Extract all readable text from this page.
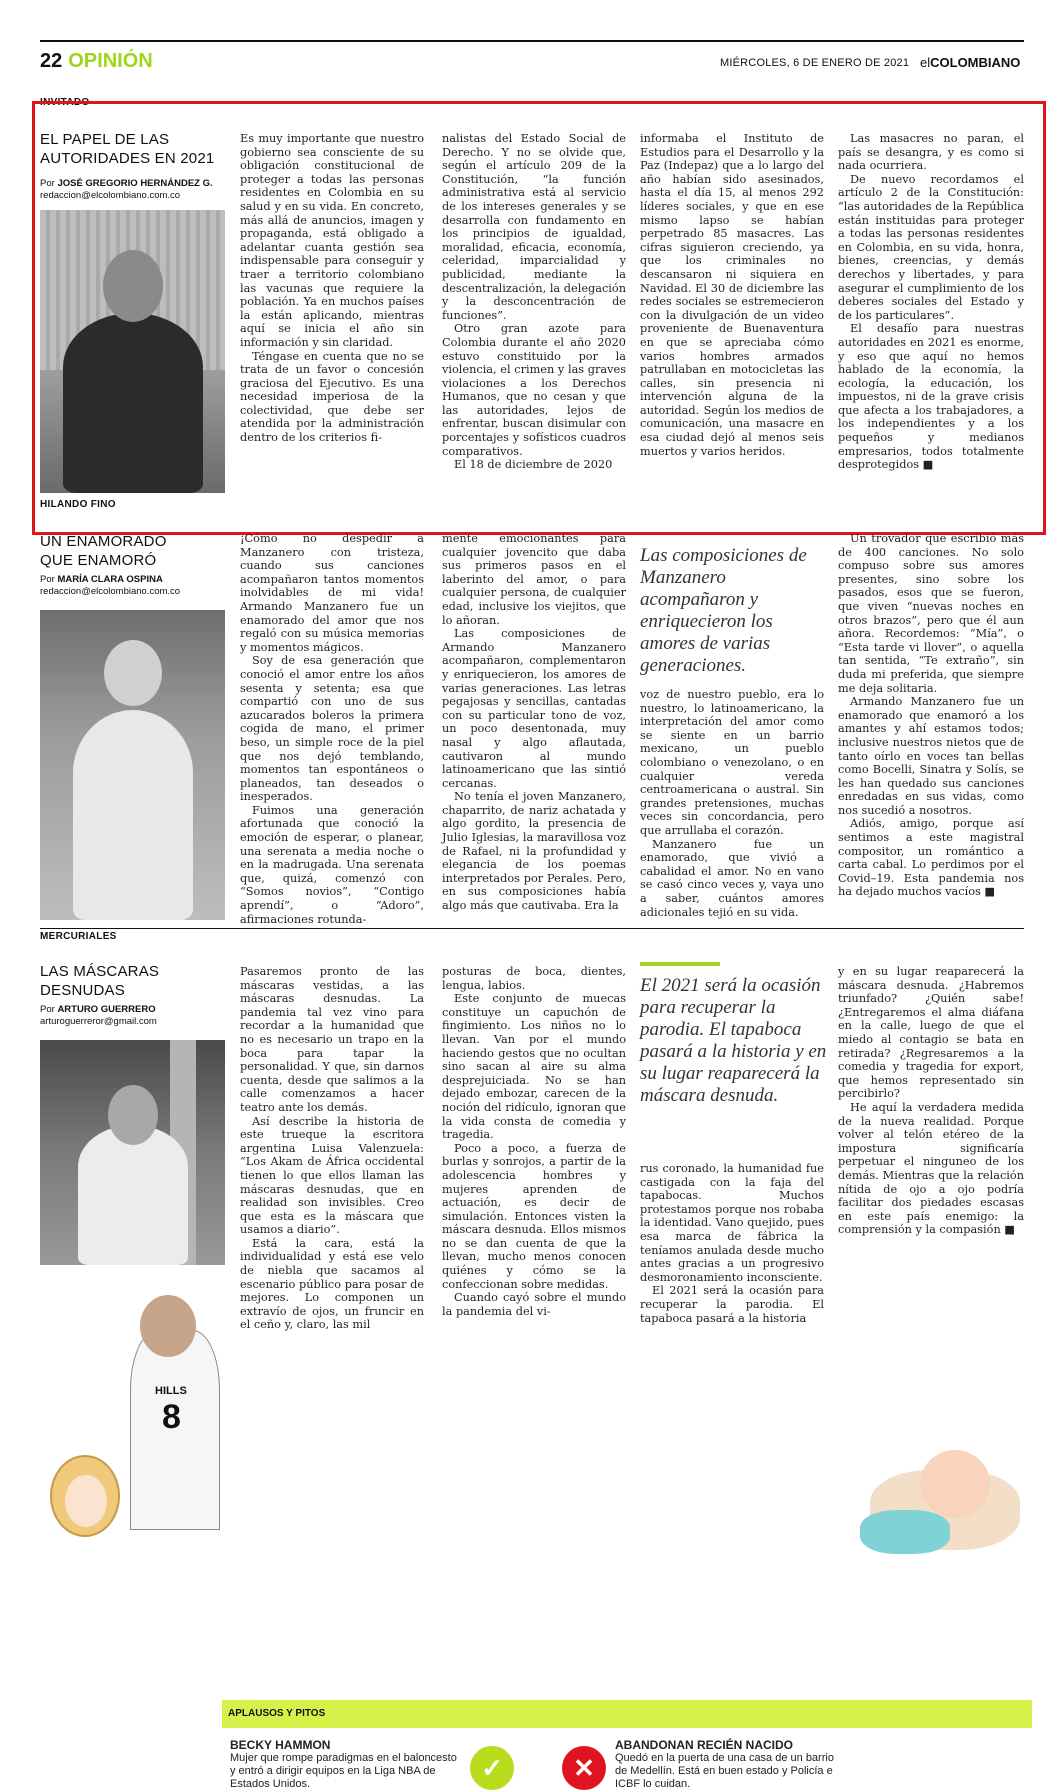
22 OPINIÓN	MIÉRCOLES, 6 DE ENERO DE 2021 elCOLOMBIANO
INVITADO
EL PAPEL DE LAS
AUTORIDADES EN 2021
Por JOSÉ GREGORIO HERNÁNDEZ G.
redaccion@elcolombiano.com.co
HILANDO FINO

Es muy importante que nuestro gobierno sea consciente de su obligación constitucional de proteger a todas las personas residentes en Colombia en su salud y en su vida. En concreto, más allá de anuncios, imagen y propaganda, está obligado a adelantar cuanta gestión sea indispensable para conseguir y traer a territorio colombiano las vacunas que requiere la población. Ya en muchos países la están aplicando, mientras aquí se inicia el año sin información y sin claridad.

Téngase en cuenta que no se trata de un favor o concesión graciosa del Ejecutivo. Es una necesidad imperiosa de la colectividad, que debe ser atendida por la administración dentro de los criterios fi-

nalistas del Estado Social de Derecho. Y no se olvide que, según el artículo 209 de la Constitución, “la función administrativa está al servicio de los intereses generales y se desarrolla con fundamento en los principios de igualdad, moralidad, eficacia, economía, celeridad, imparcialidad y publicidad, mediante la descentralización, la delegación y la desconcentración de funciones”.

Otro gran azote para Colombia durante el año 2020 estuvo constituido por la violencia, el crimen y las graves violaciones a los Derechos Humanos, que no cesan y que las autoridades, lejos de enfrentar, buscan disimular con porcentajes y sofísticos cuadros comparativos.

El 18 de diciembre de 2020

informaba el Instituto de Estudios para el Desarrollo y la Paz (Indepaz) que a lo largo del año habían sido asesinados, hasta el día 15, al menos 292 líderes sociales, y que en ese mismo lapso se habían perpetrado 85 masacres. Las cifras siguieron creciendo, ya que los criminales no descansaron ni siquiera en Navidad. El 30 de diciembre las redes sociales se estremecieron con la divulgación de un video proveniente de Buenaventura en que se apreciaba cómo varios hombres armados patrullaban en motocicletas las calles, sin presencia ni intervención alguna de la autoridad. Según los medios de comunicación, una masacre en esa ciudad dejó al menos seis muertos y varios heridos.

Las masacres no paran, el país se desangra, y es como si nada ocurriera.

De nuevo recordamos el artículo 2 de la Constitución: “las autoridades de la República están instituidas para proteger a todas las personas residentes en Colombia, en su vida, honra, bienes, creencias, y demás derechos y libertades, y para asegurar el cumplimiento de los deberes sociales del Estado y de los particulares”.

El desafío para nuestras autoridades en 2021 es enorme, y eso que aquí no hemos hablado de la economía, la ecología, la educación, los impuestos, ni de la grave crisis que afecta a los trabajadores, a los independientes y a los pequeños y medianos empresarios, todos totalmente desprotegidos ■

UN ENAMORADO
QUE ENAMORÓ
Por MARÍA CLARA OSPINA
redaccion@elcolombiano.com.co

¡Cómo no despedir a Manzanero con tristeza, cuando sus canciones acompañaron tantos momentos inolvidables de mi vida! Armando Manzanero fue un enamorado del amor que nos regaló con su música memorias y momentos mágicos.

Soy de esa generación que conoció el amor entre los años sesenta y setenta; esa que compartió con uno de sus azucarados boleros la primera cogida de mano, el primer beso, un simple roce de la piel que nos dejó temblando, momentos tan espontáneos o planeados, tan deseados o inesperados.

Fuimos una generación afortunada que conoció la emoción de esperar, o planear, una serenata a media noche o en la madrugada. Una serenata que, quizá, comenzó con “Somos novios”, “Contigo aprendí”, o “Adoro”, afirmaciones rotunda-

mente emocionantes para cualquier jovencito que daba sus primeros pasos en el laberinto del amor, o para cualquier persona, de cualquier edad, inclusive los viejitos, que lo añoran.

Las composiciones de Armando Manzanero acompañaron, complementaron y enriquecieron, los amores de varias generaciones. Las letras pegajosas y sencillas, cantadas con su particular tono de voz, un poco desentonada, muy nasal y algo aflautada, cautivaron al mundo latinoamericano que las sintió cercanas.

No tenía el joven Manzanero, chaparrito, de nariz achatada y algo gordito, la presencia de Julio Iglesias, la maravillosa voz de Rafael, ni la profundidad y elegancia de los poemas interpretados por Perales. Pero, en sus composiciones había algo más que cautivaba. Era la

Las composiciones de Manzanero acompañaron y enriquecieron los amores de varias generaciones.

voz de nuestro pueblo, era lo nuestro, lo latinoamericano, la interpretación del amor como se siente en un barrio mexicano, un pueblo colombiano o venezolano, o en cualquier vereda centroamericana o austral. Sin grandes pretensiones, muchas veces sin concordancia, pero que arrullaba el corazón.

Manzanero fue un enamorado, que vivió a cabalidad el amor. No en vano se casó cinco veces y, vaya uno a saber, cuántos amores adicionales tejió en su vida.

Un trovador que escribió más de 400 canciones. No solo compuso sobre sus amores presentes, sino sobre los pasados, esos que se fueron, que viven “nuevas noches en otros brazos”, pero que él aun añora. Recordemos: “Mía”, o “Esta tarde vi llover”, o aquella tan sentida, “Te extraño”, sin duda mi preferida, que siempre me deja solitaria.

Armando Manzanero fue un enamorado que enamoró a los amantes y ahí estamos todos; inclusive nuestros nietos que de tanto oírlo en voces tan bellas como Bocelli, Sinatra y Solís, se les han quedado sus canciones enredadas en sus vidas, como nos sucedió a nosotros.

Adiós, amigo, porque así sentimos a este magistral compositor, un romántico a carta cabal. Lo perdimos por el Covid–19. Esta pandemia nos ha dejado muchos vacíos ■

MERCURIALES
LAS MÁSCARAS
DESNUDAS
Por ARTURO GUERRERO
arturoguerreror@gmail.com

Pasaremos pronto de las máscaras vestidas, a las máscaras desnudas. La pandemia tal vez vino para recordar a la humanidad que no es necesario un trapo en la boca para tapar la personalidad. Y que, sin darnos cuenta, desde que salimos a la calle comenzamos a hacer teatro ante los demás.

Así describe la historia de este trueque la escritora argentina Luisa Valenzuela: “Los Akam de África occidental tienen lo que ellos llaman las máscaras desnudas, que en realidad son invisibles. Creo que esta es la máscara que usamos a diario”.

Está la cara, está la individualidad y está ese velo de niebla que sacamos al escenario público para posar de mejores. Lo componen un extravío de ojos, un fruncir en el ceño y, claro, las mil

posturas de boca, dientes, lengua, labios.

Este conjunto de muecas constituye un capuchón de fingimiento. Los niños no lo llevan. Van por el mundo haciendo gestos que no ocultan sino sacan al aire su alma desprejuiciada. No se han dejado embozar, carecen de la noción del ridículo, ignoran que la vida consta de comedia y tragedia.

Poco a poco, a fuerza de burlas y sonrojos, a partir de la adolescencia hombres y mujeres aprenden de actuación, es decir de simulación. Entonces visten la máscara desnuda. Ellos mismos no se dan cuenta de que la llevan, mucho menos conocen quiénes y cómo se la confeccionan sobre medidas.

Cuando cayó sobre el mundo la pandemia del vi-

El 2021 será la ocasión para recuperar la parodia. El tapaboca pasará a la historia y en su lugar reaparecerá la máscara desnuda.

rus coronado, la humanidad fue castigada con la faja del tapabocas. Muchos protestamos porque nos robaba la identidad. Vano quejido, pues esa marca de fábrica la teníamos anulada desde mucho antes gracias a un progresivo desmoronamiento inconsciente.

El 2021 será la ocasión para recuperar la parodia. El tapaboca pasará a la historia

y en su lugar reaparecerá la máscara desnuda. ¿Habremos triunfado? ¿Quién sabe! ¿Entregaremos el alma diáfana en la calle, luego de que el miedo al contagio se bata en retirada? ¿Regresaremos a la comedia y tragedia for export, que hemos representado sin percibirlo?

He aquí la verdadera medida de la nueva realidad. Porque volver al telón etéreo de la impostura significaría perpetuar el ninguneo de los demás. Mientras que la relación nítida de ojo a ojo podría facilitar dos piedades escasas en este país enemigo: la comprensión y la compasión ■

HILLS
8
APLAUSOS Y PITOS
BECKY HAMMON
Mujer que rompe paradigmas en el baloncesto y entró a dirigir equipos en la Liga NBA de Estados Unidos.
✓	✕
ABANDONAN RECIÉN NACIDO
Quedó en la puerta de una casa de un barrio de Medellín. Está en buen estado y Policía e ICBF lo cuidan.
